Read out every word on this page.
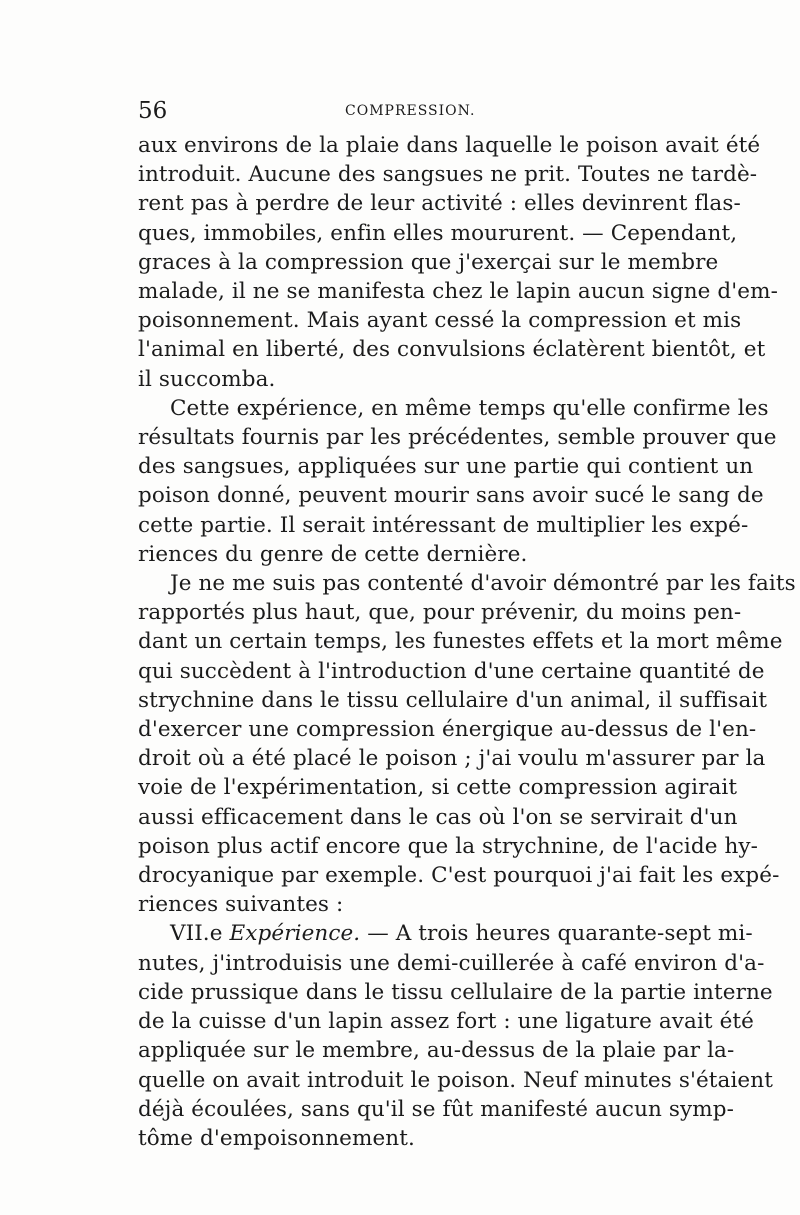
56	COMPRESSION.

aux environs de la plaie dans laquelle le poison avait été
introduit. Aucune des sangsues ne prit. Toutes ne tardè-
rent pas à perdre de leur activité : elles devinrent flas-
ques, immobiles, enfin elles moururent. — Cependant,
graces à la compression que j'exerçai sur le membre
malade, il ne se manifesta chez le lapin aucun signe d'em-
poisonnement. Mais ayant cessé la compression et mis
l'animal en liberté, des convulsions éclatèrent bientôt, et
il succomba.

Cette expérience, en même temps qu'elle confirme les
résultats fournis par les précédentes, semble prouver que
des sangsues, appliquées sur une partie qui contient un
poison donné, peuvent mourir sans avoir sucé le sang de
cette partie. Il serait intéressant de multiplier les expé-
riences du genre de cette dernière.

Je ne me suis pas contenté d'avoir démontré par les faits
rapportés plus haut, que, pour prévenir, du moins pen-
dant un certain temps, les funestes effets et la mort même
qui succèdent à l'introduction d'une certaine quantité de
strychnine dans le tissu cellulaire d'un animal, il suffisait
d'exercer une compression énergique au-dessus de l'en-
droit où a été placé le poison ; j'ai voulu m'assurer par la
voie de l'expérimentation, si cette compression agirait
aussi efficacement dans le cas où l'on se servirait d'un
poison plus actif encore que la strychnine, de l'acide hy-
drocyanique par exemple. C'est pourquoi j'ai fait les expé-
riences suivantes :

VII.e Expérience. — A trois heures quarante-sept mi-
nutes, j'introduisis une demi-cuillerée à café environ d'a-
cide prussique dans le tissu cellulaire de la partie interne
de la cuisse d'un lapin assez fort : une ligature avait été
appliquée sur le membre, au-dessus de la plaie par la-
quelle on avait introduit le poison. Neuf minutes s'étaient
déjà écoulées, sans qu'il se fût manifesté aucun symp-
tôme d'empoisonnement.
